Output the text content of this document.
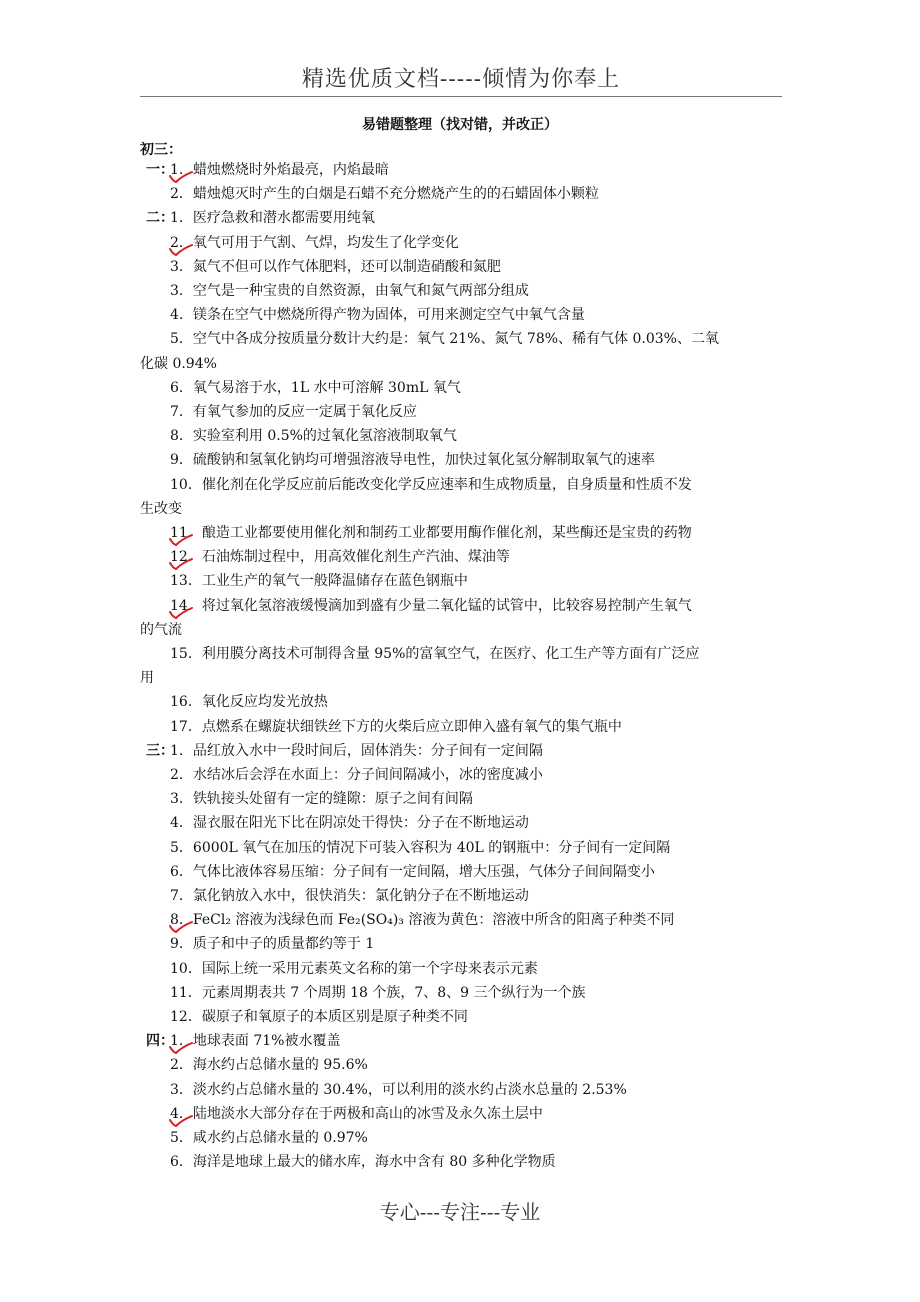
精选优质文档-----倾情为你奉上
易错题整理（找对错，并改正）
初三：
一：
1．蜡烛燃烧时外焰最亮，内焰最暗
2．蜡烛熄灭时产生的白烟是石蜡不充分燃烧产生的的石蜡固体小颗粒
二：
1．医疗急救和潜水都需要用纯氧
2．氧气可用于气割、气焊，均发生了化学变化
3．氮气不但可以作气体肥料，还可以制造硝酸和氮肥
3．空气是一种宝贵的自然资源，由氧气和氮气两部分组成
4．镁条在空气中燃烧所得产物为固体，可用来测定空气中氧气含量
5．空气中各成分按质量分数计大约是：氧气 21%、氮气 78%、稀有气体 0.03%、二氧
化碳 0.94%
6．氧气易溶于水，1L 水中可溶解 30mL 氧气
7．有氧气参加的反应一定属于氧化反应
8．实验室利用 0.5%的过氧化氢溶液制取氧气
9．硫酸钠和氢氧化钠均可增强溶液导电性，加快过氧化氢分解制取氧气的速率
10．催化剂在化学反应前后能改变化学反应速率和生成物质量，自身质量和性质不发
生改变
11．酿造工业都要使用催化剂和制药工业都要用酶作催化剂，某些酶还是宝贵的药物
12．石油炼制过程中，用高效催化剂生产汽油、煤油等
13．工业生产的氧气一般降温储存在蓝色钢瓶中
14．将过氧化氢溶液缓慢滴加到盛有少量二氧化锰的试管中，比较容易控制产生氧气
的气流
15．利用膜分离技术可制得含量 95%的富氧空气，在医疗、化工生产等方面有广泛应
用
16．氧化反应均发光放热
17．点燃系在螺旋状细铁丝下方的火柴后应立即伸入盛有氧气的集气瓶中
三：
1．品红放入水中一段时间后，固体消失：分子间有一定间隔
2．水结冰后会浮在水面上：分子间间隔减小，冰的密度减小
3．铁轨接头处留有一定的缝隙：原子之间有间隔
4．湿衣服在阳光下比在阴凉处干得快：分子在不断地运动
5．6000L 氧气在加压的情况下可装入容积为 40L 的钢瓶中：分子间有一定间隔
6．气体比液体容易压缩：分子间有一定间隔，增大压强，气体分子间间隔变小
7．氯化钠放入水中，很快消失：氯化钠分子在不断地运动
8．FeCl₂ 溶液为浅绿色而 Fe₂(SO₄)₃ 溶液为黄色：溶液中所含的阳离子种类不同
9．质子和中子的质量都约等于 1
10．国际上统一采用元素英文名称的第一个字母来表示元素
11．元素周期表共 7 个周期 18 个族，7、8、9 三个纵行为一个族
12．碳原子和氧原子的本质区别是原子种类不同
四：
1．地球表面 71%被水覆盖
2．海水约占总储水量的 95.6%
3．淡水约占总储水量的 30.4%，可以利用的淡水约占淡水总量的 2.53%
4．陆地淡水大部分存在于两极和高山的冰雪及永久冻土层中
5．咸水约占总储水量的 0.97%
6．海洋是地球上最大的储水库，海水中含有 80 多种化学物质
专心---专注---专业
